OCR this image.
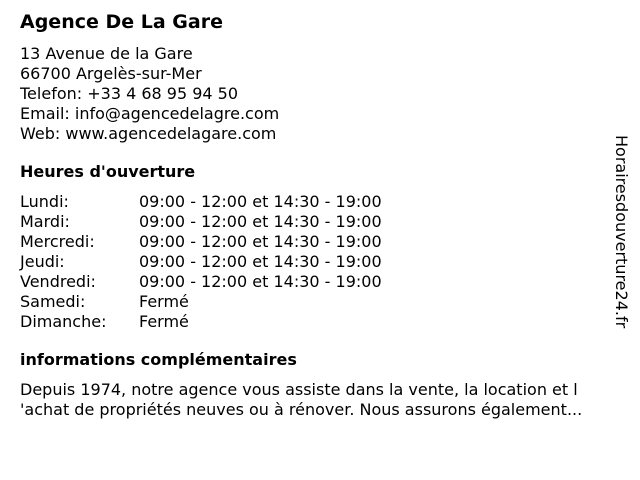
Agence De La Gare
13 Avenue de la Gare
66700 Argelès-sur-Mer
Telefon: +33 4 68 95 94 50
Email: info@agencedelagre.com
Web: www.agencedelagare.com
Heures d'ouverture
Lundi:	09:00 - 12:00 et 14:30 - 19:00
Mardi:	09:00 - 12:00 et 14:30 - 19:00
Mercredi:	09:00 - 12:00 et 14:30 - 19:00
Jeudi:	09:00 - 12:00 et 14:30 - 19:00
Vendredi:	09:00 - 12:00 et 14:30 - 19:00
Samedi:	Fermé
Dimanche:	Fermé
informations complémentaires
Depuis 1974, notre agence vous assiste dans la vente, la location et l
'achat de propriétés neuves ou à rénover. Nous assurons également...
Horairesdouverture24.fr
